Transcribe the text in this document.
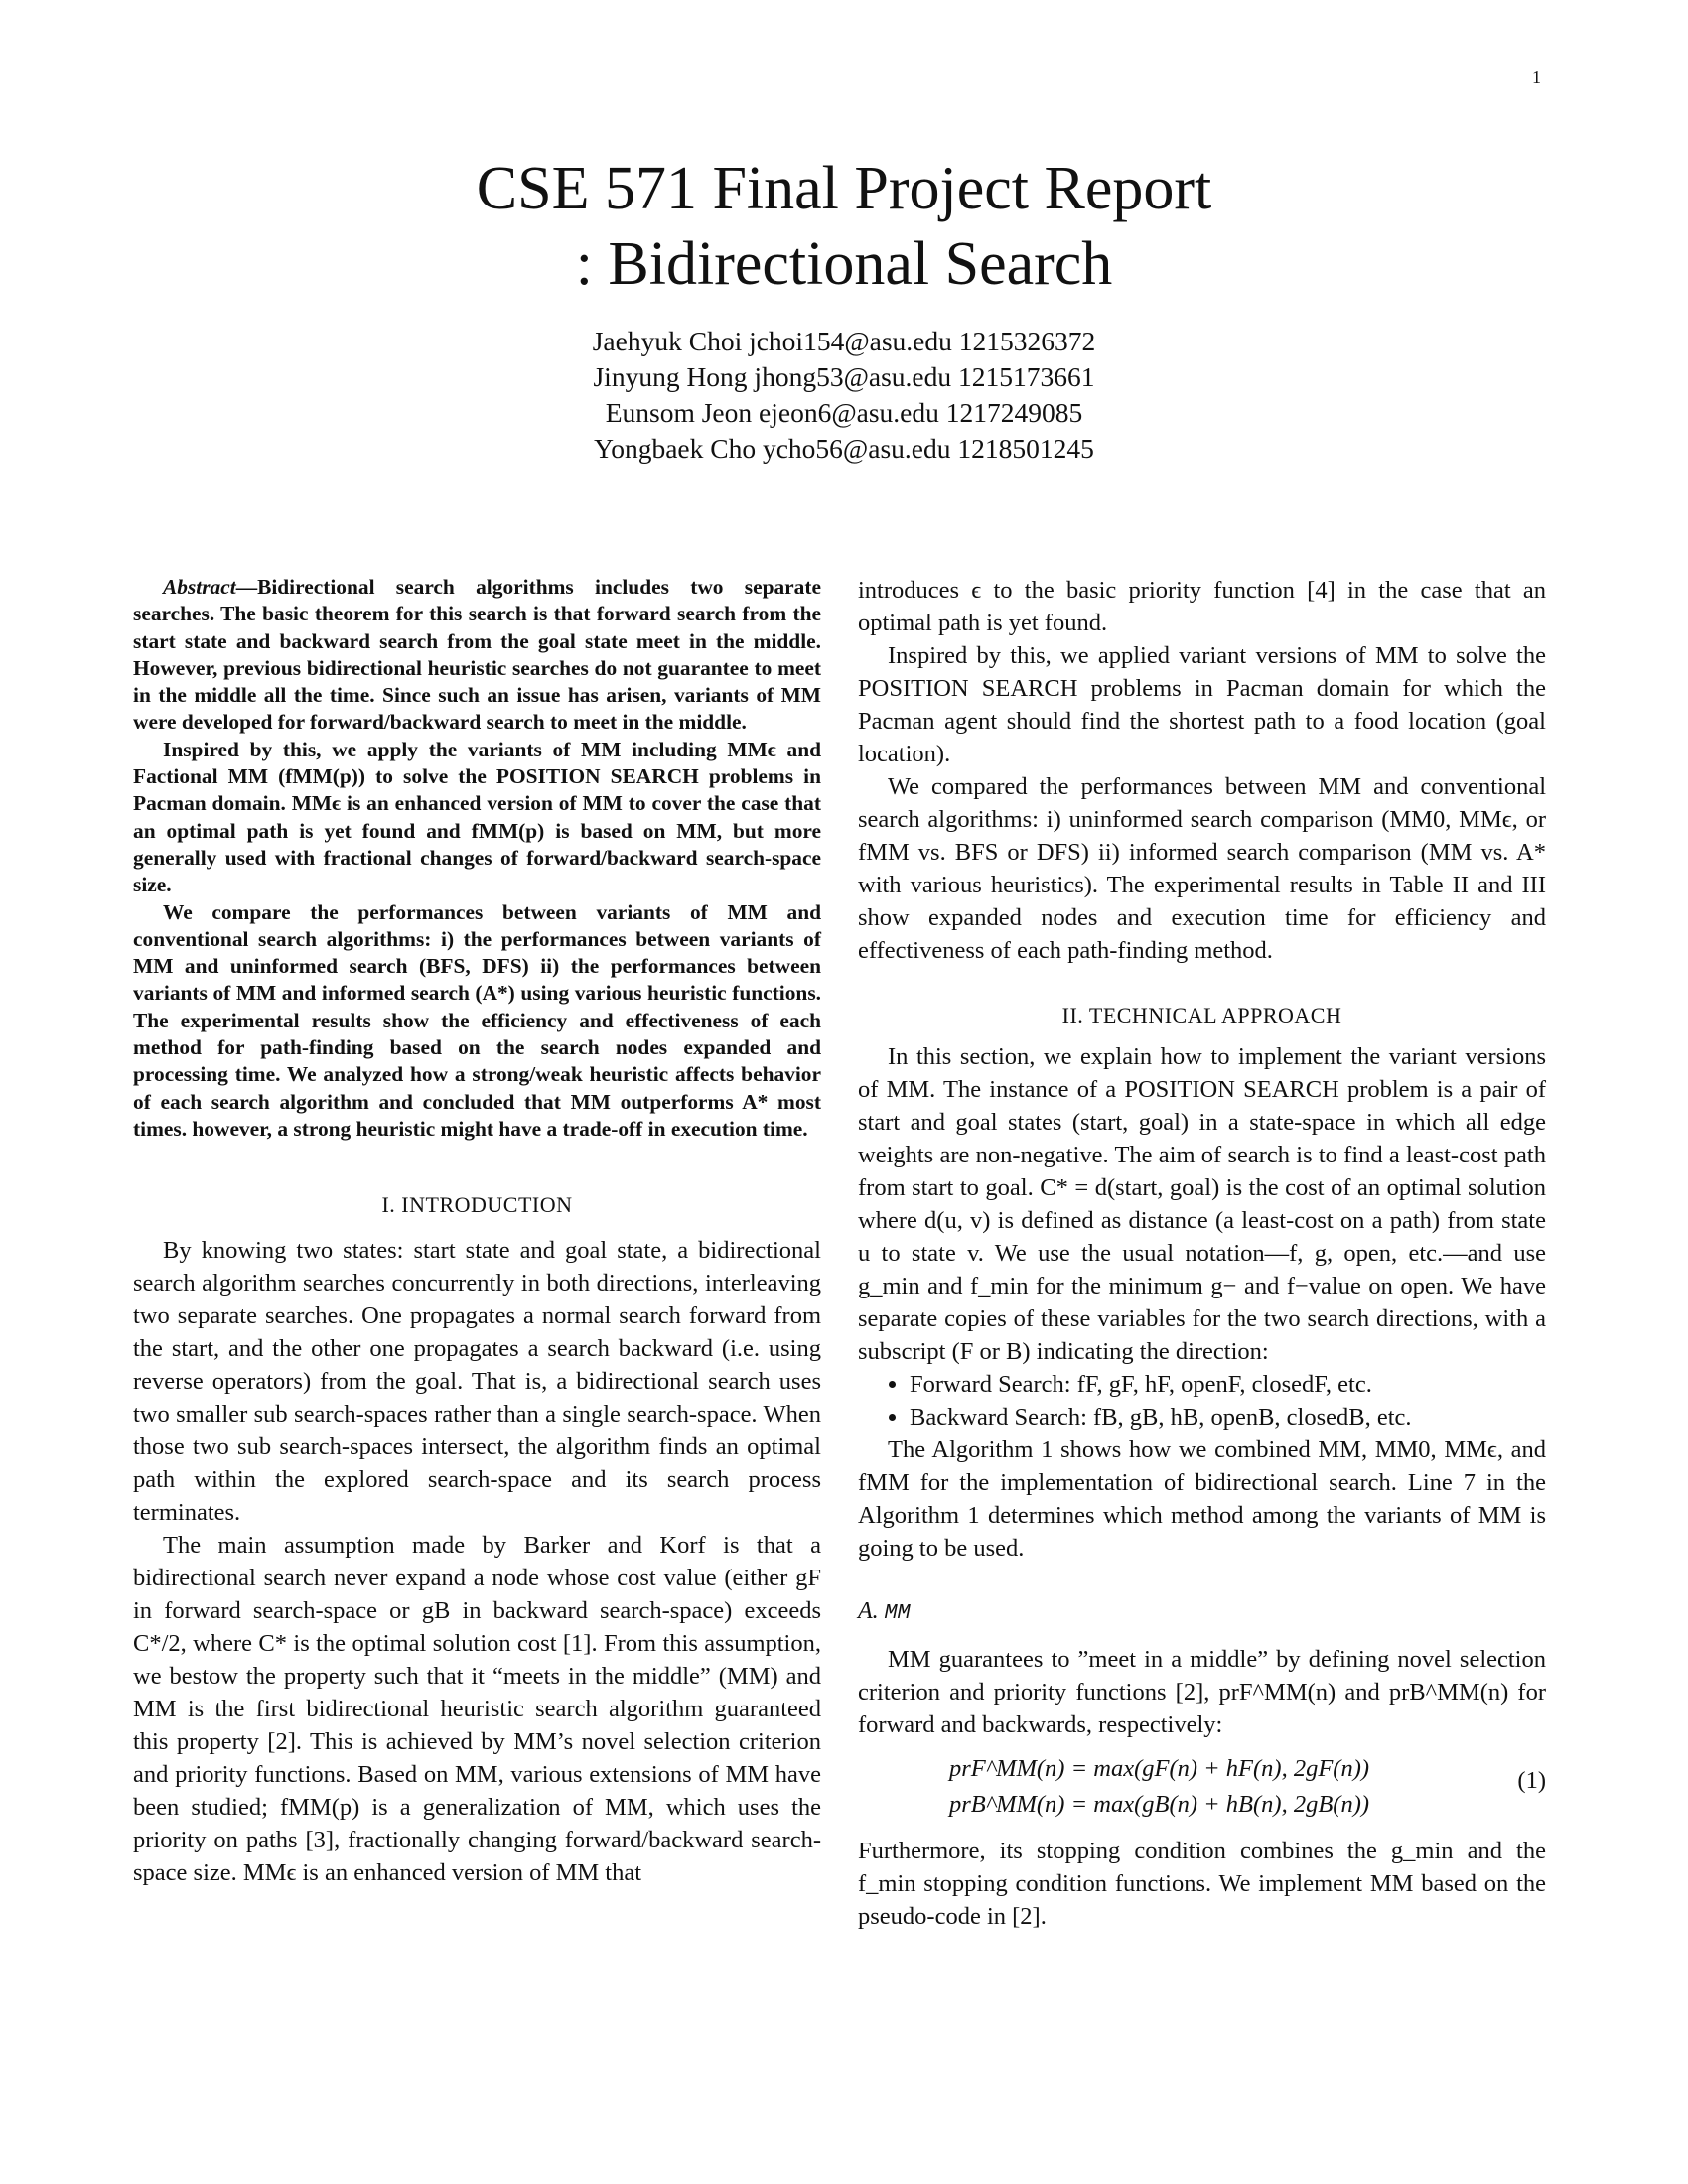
1
CSE 571 Final Project Report
: Bidirectional Search
Jaehyuk Choi jchoi154@asu.edu 1215326372
Jinyung Hong jhong53@asu.edu 1215173661
Eunsom Jeon ejeon6@asu.edu 1217249085
Yongbaek Cho ycho56@asu.edu 1218501245

Abstract—Bidirectional search algorithms includes two separate searches. The basic theorem for this search is that forward search from the start state and backward search from the goal state meet in the middle. However, previous bidirectional heuristic searches do not guarantee to meet in the middle all the time. Since such an issue has arisen, variants of MM were developed for forward/backward search to meet in the middle.

Inspired by this, we apply the variants of MM including MMϵ and Factional MM (fMM(p)) to solve the POSITION SEARCH problems in Pacman domain. MMϵ is an enhanced version of MM to cover the case that an optimal path is yet found and fMM(p) is based on MM, but more generally used with fractional changes of forward/backward search-space size.

We compare the performances between variants of MM and conventional search algorithms: i) the performances between variants of MM and uninformed search (BFS, DFS) ii) the performances between variants of MM and informed search (A*) using various heuristic functions. The experimental results show the efficiency and effectiveness of each method for path-finding based on the search nodes expanded and processing time. We analyzed how a strong/weak heuristic affects behavior of each search algorithm and concluded that MM outperforms A* most times. however, a strong heuristic might have a trade-off in execution time.

I. INTRODUCTION

By knowing two states: start state and goal state, a bidirectional search algorithm searches concurrently in both directions, interleaving two separate searches. One propagates a normal search forward from the start, and the other one propagates a search backward (i.e. using reverse operators) from the goal. That is, a bidirectional search uses two smaller sub search-spaces rather than a single search-space. When those two sub search-spaces intersect, the algorithm finds an optimal path within the explored search-space and its search process terminates.

The main assumption made by Barker and Korf is that a bidirectional search never expand a node whose cost value (either gF in forward search-space or gB in backward search-space) exceeds C*/2, where C* is the optimal solution cost [1]. From this assumption, we bestow the property such that it “meets in the middle” (MM) and MM is the first bidirectional heuristic search algorithm guaranteed this property [2]. This is achieved by MM’s novel selection criterion and priority functions. Based on MM, various extensions of MM have been studied; fMM(p) is a generalization of MM, which uses the priority on paths [3], fractionally changing forward/backward search-space size. MMϵ is an enhanced version of MM that

introduces ϵ to the basic priority function [4] in the case that an optimal path is yet found.

Inspired by this, we applied variant versions of MM to solve the POSITION SEARCH problems in Pacman domain for which the Pacman agent should find the shortest path to a food location (goal location).

We compared the performances between MM and conventional search algorithms: i) uninformed search comparison (MM0, MMϵ, or fMM vs. BFS or DFS) ii) informed search comparison (MM vs. A* with various heuristics). The experimental results in Table II and III show expanded nodes and execution time for efficiency and effectiveness of each path-finding method.

II. TECHNICAL APPROACH

In this section, we explain how to implement the variant versions of MM. The instance of a POSITION SEARCH problem is a pair of start and goal states (start, goal) in a state-space in which all edge weights are non-negative. The aim of search is to find a least-cost path from start to goal. C* = d(start, goal) is the cost of an optimal solution where d(u, v) is defined as distance (a least-cost on a path) from state u to state v. We use the usual notation—f, g, open, etc.—and use g_min and f_min for the minimum g− and f−value on open. We have separate copies of these variables for the two search directions, with a subscript (F or B) indicating the direction:

• Forward Search: fF, gF, hF, openF, closedF, etc.
• Backward Search: fB, gB, hB, openB, closedB, etc.

The Algorithm 1 shows how we combined MM, MM0, MMϵ, and fMM for the implementation of bidirectional search. Line 7 in the Algorithm 1 determines which method among the variants of MM is going to be used.

A. MM

MM guarantees to ”meet in a middle” by defining novel selection criterion and priority functions [2], prF^MM(n) and prB^MM(n) for forward and backwards, respectively:

prF^MM(n) = max(gF(n) + hF(n), 2gF(n))
prB^MM(n) = max(gB(n) + hB(n), 2gB(n))
(1)

Furthermore, its stopping condition combines the g_min and the f_min stopping condition functions. We implement MM based on the pseudo-code in [2].
